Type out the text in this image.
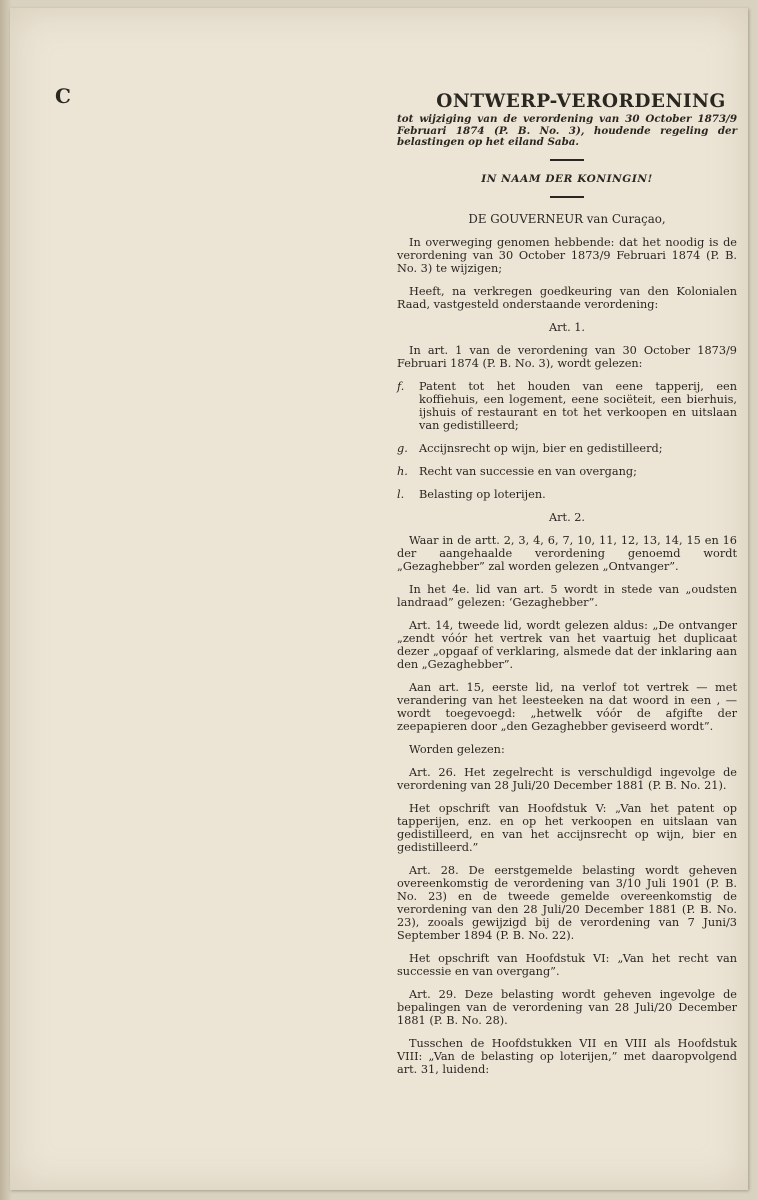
C	ONTWERP-VERORDENING
tot wijziging van de verordening van 30 October 1873/9 Februari 1874 (P. B. No. 3), houdende regeling der belastingen op het eiland Saba.
IN NAAM DER KONINGIN!
DE GOUVERNEUR van Curaçao,
In overweging genomen hebbende: dat het noodig is de verordening van 30 October 1873/9 Februari 1874 (P. B. No. 3) te wijzigen;
Heeft, na verkregen goedkeuring van den Kolonialen Raad, vastgesteld onderstaande verordening:
Art. 1.
In art. 1 van de verordening van 30 October 1873/9 Februari 1874 (P. B. No. 3), wordt gelezen:
f. Patent tot het houden van eene tapperij, een koffiehuis, een logement, eene sociëteit, een bierhuis, ijshuis of restaurant en tot het verkoopen en uitslaan van gedistilleerd;
g. Accijnsrecht op wijn, bier en gedistilleerd;
h. Recht van successie en van overgang;
l. Belasting op loterijen.
Art. 2.
Waar in de artt. 2, 3, 4, 6, 7, 10, 11, 12, 13, 14, 15 en 16 der aangehaalde verordening genoemd wordt „Gezaghebber” zal worden gelezen „Ontvanger”.
In het 4e. lid van art. 5 wordt in stede van „oudsten landraad” gelezen: ‘Gezaghebber”.
Art. 14, tweede lid, wordt gelezen aldus: „De ontvanger „zendt vóór het vertrek van het vaartuig het duplicaat dezer „opgaaf of verklaring, alsmede dat der inklaring aan den „Gezaghebber”.
Aan art. 15, eerste lid, na verlof tot vertrek — met verandering van het leesteeken na dat woord in een , — wordt toegevoegd: „hetwelk vóór de afgifte der zeepapieren door „den Gezaghebber geviseerd wordt”.
Worden gelezen:
Art. 26. Het zegelrecht is verschuldigd ingevolge de verordening van 28 Juli/20 December 1881 (P. B. No. 21).
Het opschrift van Hoofdstuk V: „Van het patent op tapperijen, enz. en op het verkoopen en uitslaan van gedistilleerd, en van het accijnsrecht op wijn, bier en gedistilleerd.”
Art. 28. De eerstgemelde belasting wordt geheven overeenkomstig de verordening van 3/10 Juli 1901 (P. B. No. 23) en de tweede gemelde overeenkomstig de verordening van den 28 Juli/20 December 1881 (P. B. No. 23), zooals gewijzigd bij de verordening van 7 Juni/3 September 1894 (P. B. No. 22).
Het opschrift van Hoofdstuk VI: „Van het recht van successie en van overgang”.
Art. 29. Deze belasting wordt geheven ingevolge de bepalingen van de verordening van 28 Juli/20 December 1881 (P. B. No. 28).
Tusschen de Hoofdstukken VII en VIII als Hoofdstuk VIII: „Van de belasting op loterijen,” met daaropvolgend art. 31, luidend:
